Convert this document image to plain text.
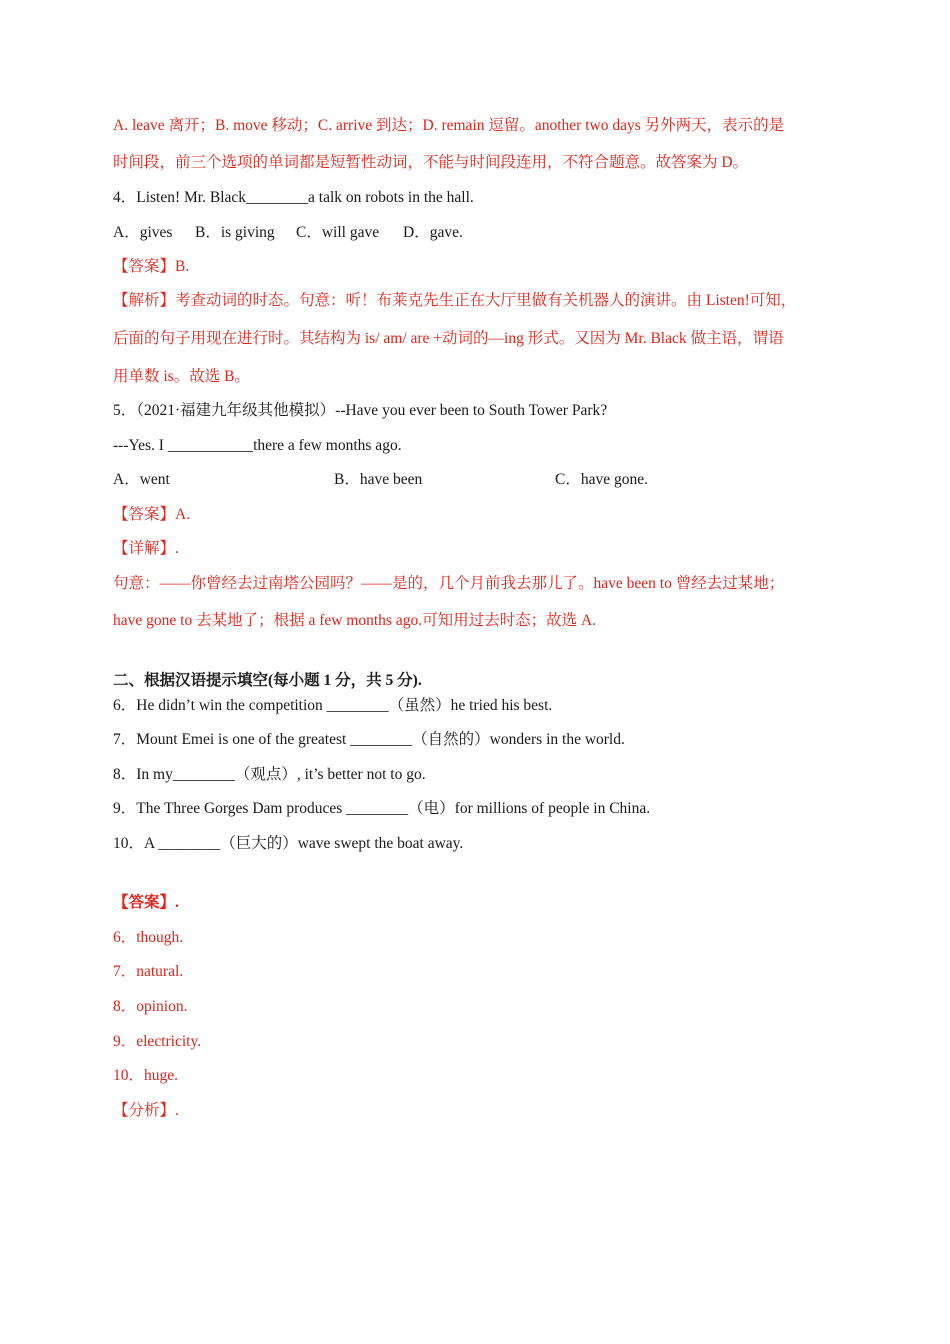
A. leave 离开；B. move 移动；C. arrive 到达；D. remain 逗留。another two days 另外两天，表示的是
时间段，前三个选项的单词都是短暂性动词，不能与时间段连用，不符合题意。故答案为 D。
4．Listen! Mr. Black________a talk on robots in the hall.
A．gives B．is giving C．will gave D．gave.
【答案】B.
【解析】考查动词的时态。句意：听！布莱克先生正在大厅里做有关机器人的演讲。由 Listen!可知，
后面的句子用现在进行时。其结构为 is/ am/ are +动词的—ing 形式。又因为 Mr. Black 做主语，谓语
用单数 is。故选 B。
5．（2021·福建九年级其他模拟）--Have you ever been to South Tower Park?
---Yes. I ___________there a few months ago.
A．went	B．have been	C．have gone.
【答案】A.
【详解】.
句意：——你曾经去过南塔公园吗？——是的，几个月前我去那儿了。have been to 曾经去过某地；
have gone to 去某地了；根据 a few months ago.可知用过去时态；故选 A.
二、根据汉语提示填空(每小题 1 分，共 5 分).
6．He didn’t win the competition ________（虽然）he tried his best.
7．Mount Emei is one of the greatest ________（自然的）wonders in the world.
8．In my________（观点）, it’s better not to go.
9．The Three Gorges Dam produces ________（电）for millions of people in China.
10．A ________（巨大的）wave swept the boat away.
【答案】.
6．though.
7．natural.
8．opinion.
9．electricity.
10．huge.
【分析】.
